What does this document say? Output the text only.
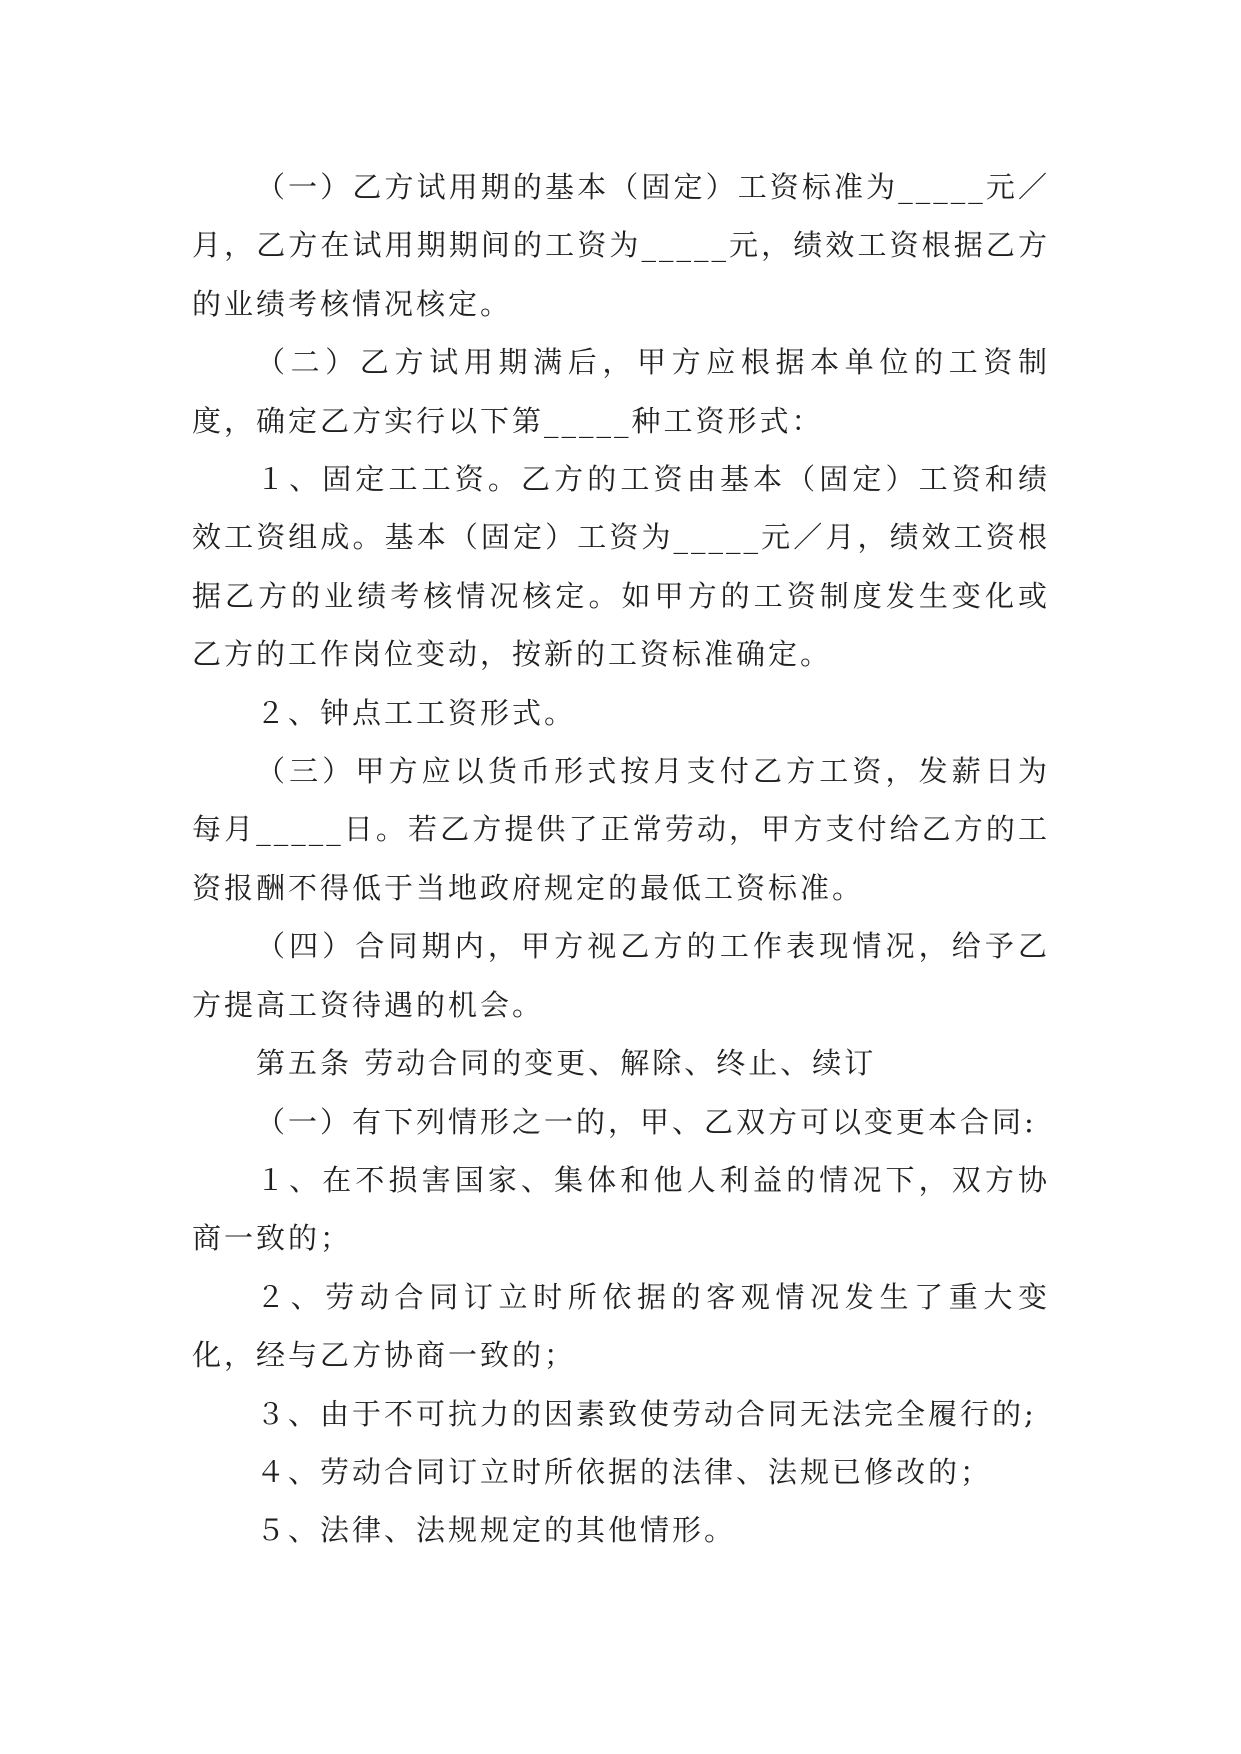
（一）乙方试用期的基本（固定）工资标准为_____元／月，乙方在试用期期间的工资为_____元，绩效工资根据乙方的业绩考核情况核定。

（二）乙方试用期满后，甲方应根据本单位的工资制度，确定乙方实行以下第_____种工资形式：

１、固定工工资。乙方的工资由基本（固定）工资和绩效工资组成。基本（固定）工资为_____元／月，绩效工资根据乙方的业绩考核情况核定。如甲方的工资制度发生变化或乙方的工作岗位变动，按新的工资标准确定。

２、钟点工工资形式。

（三）甲方应以货币形式按月支付乙方工资，发薪日为每月_____日。若乙方提供了正常劳动，甲方支付给乙方的工资报酬不得低于当地政府规定的最低工资标准。

（四）合同期内，甲方视乙方的工作表现情况，给予乙方提高工资待遇的机会。

第五条 劳动合同的变更、解除、终止、续订

（一）有下列情形之一的，甲、乙双方可以变更本合同:

１、在不损害国家、集体和他人利益的情况下，双方协商一致的；

２、劳动合同订立时所依据的客观情况发生了重大变化，经与乙方协商一致的；

３、由于不可抗力的因素致使劳动合同无法完全履行的;

４、劳动合同订立时所依据的法律、法规已修改的；

５、法律、法规规定的其他情形。
